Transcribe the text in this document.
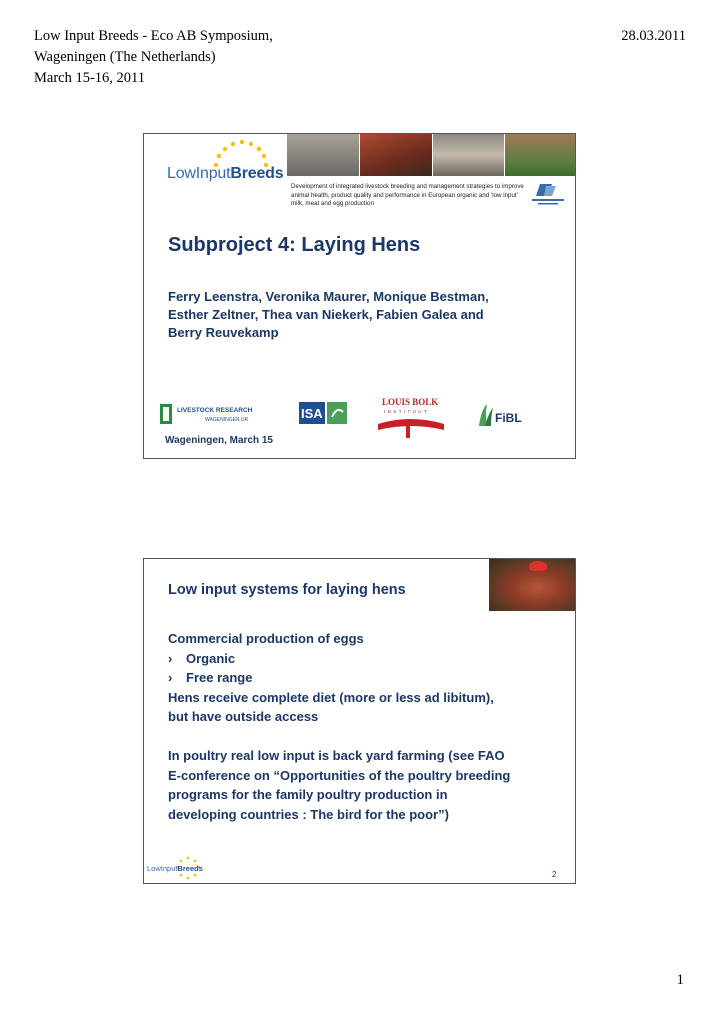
Low Input Breeds - Eco AB Symposium,
Wageningen (The Netherlands)
March 15-16, 2011
28.03.2011
LowInputBreeds
Development of integrated livestock breeding and management strategies to improve animal health, product quality and performance in European organic and ‘low input’ milk, meat and egg production
Subproject 4: Laying Hens
Ferry Leenstra, Veronika Maurer, Monique Bestman,
Esther Zeltner, Thea van Niekerk, Fabien Galea and
Berry Reuvekamp
LIVESTOCK RESEARCH
WAGENINGEN UR	ISA
LOUIS BOLK
INSTITUUT	FiBL
Wageningen, March 15
Low input systems for laying hens
Commercial production of eggs
› Organic
› Free range
Hens receive complete diet (more or less ad libitum),
but have outside access
In poultry real low input is back yard farming (see FAO
E-conference on “Opportunities of the poultry breeding
programs for the family poultry production in
developing countries : The bird for the poor”)
LowInputBreeds
2
1
